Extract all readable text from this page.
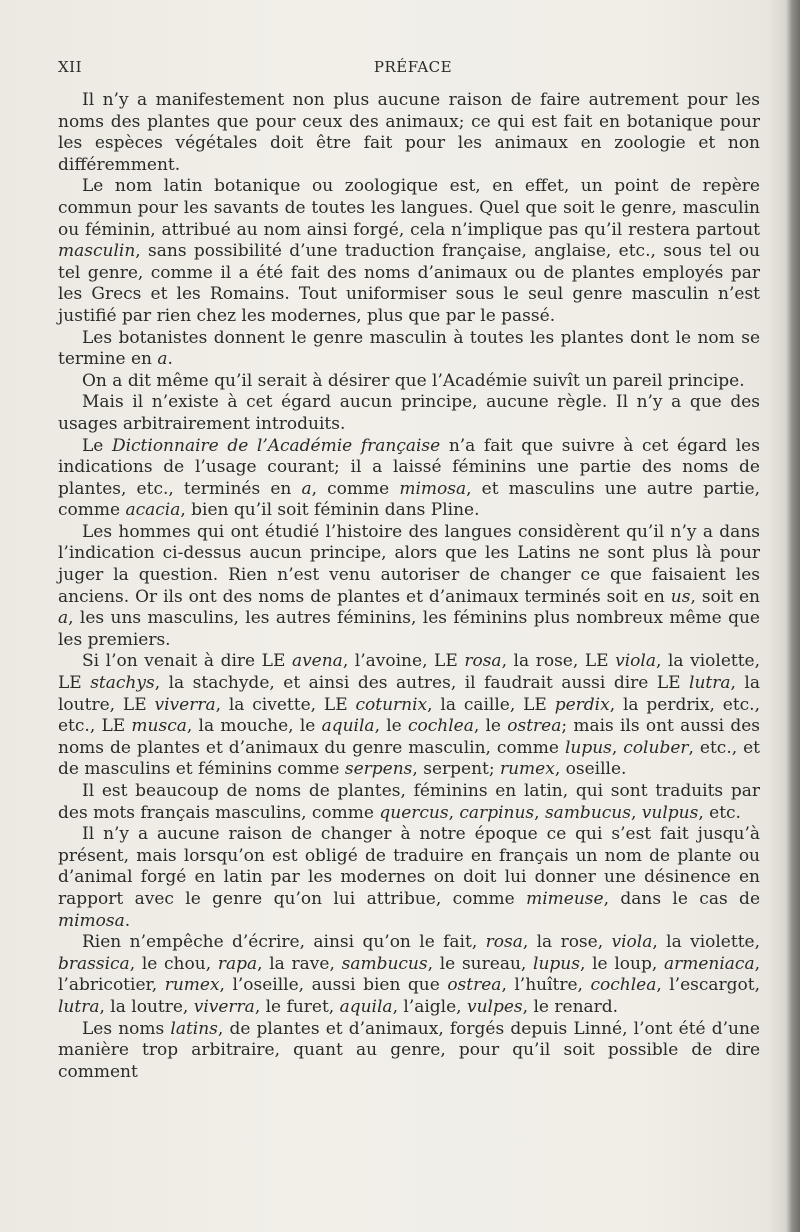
XII	PRÉFACE

Il n’y a manifestement non plus aucune raison de faire autrement pour les noms des plantes que pour ceux des animaux; ce qui est fait en botanique pour les espèces végétales doit être fait pour les animaux en zoologie et non différemment.

Le nom latin botanique ou zoologique est, en effet, un point de repère commun pour les savants de toutes les langues. Quel que soit le genre, masculin ou féminin, attribué au nom ainsi forgé, cela n’implique pas qu’il restera partout masculin, sans possibilité d’une traduction française, anglaise, etc., sous tel ou tel genre, comme il a été fait des noms d’animaux ou de plantes employés par les Grecs et les Romains. Tout uniformiser sous le seul genre masculin n’est justifié par rien chez les modernes, plus que par le passé.

Les botanistes donnent le genre masculin à toutes les plantes dont le nom se termine en a.

On a dit même qu’il serait à désirer que l’Académie suivît un pareil principe.

Mais il n’existe à cet égard aucun principe, aucune règle. Il n’y a que des usages arbitrairement introduits.

Le Dictionnaire de l’Académie française n’a fait que suivre à cet égard les indications de l’usage courant; il a laissé féminins une partie des noms de plantes, etc., terminés en a, comme mimosa, et masculins une autre partie, comme acacia, bien qu’il soit féminin dans Pline.

Les hommes qui ont étudié l’histoire des langues considèrent qu’il n’y a dans l’indication ci-dessus aucun principe, alors que les Latins ne sont plus là pour juger la question. Rien n’est venu autoriser de changer ce que faisaient les anciens. Or ils ont des noms de plantes et d’animaux terminés soit en us, soit en a, les uns masculins, les autres féminins, les féminins plus nombreux même que les premiers.

Si l’on venait à dire LE avena, l’avoine, LE rosa, la rose, LE viola, la violette, LE stachys, la stachyde, et ainsi des autres, il faudrait aussi dire LE lutra, la loutre, LE viverra, la civette, LE coturnix, la caille, LE perdix, la perdrix, etc., etc., LE musca, la mouche, le aquila, le cochlea, le ostrea; mais ils ont aussi des noms de plantes et d’animaux du genre masculin, comme lupus, coluber, etc., et de masculins et féminins comme serpens, serpent; rumex, oseille.

Il est beaucoup de noms de plantes, féminins en latin, qui sont traduits par des mots français masculins, comme quercus, carpinus, sambucus, vulpus, etc.

Il n’y a aucune raison de changer à notre époque ce qui s’est fait jusqu’à présent, mais lorsqu’on est obligé de traduire en français un nom de plante ou d’animal forgé en latin par les modernes on doit lui donner une désinence en rapport avec le genre qu’on lui attribue, comme mimeuse, dans le cas de mimosa.

Rien n’empêche d’écrire, ainsi qu’on le fait, rosa, la rose, viola, la violette, brassica, le chou, rapa, la rave, sambucus, le sureau, lupus, le loup, armeniaca, l’abricotier, rumex, l’oseille, aussi bien que ostrea, l’huître, cochlea, l’escargot, lutra, la loutre, viverra, le furet, aquila, l’aigle, vulpes, le renard.

Les noms latins, de plantes et d’animaux, forgés depuis Linné, l’ont été d’une manière trop arbitraire, quant au genre, pour qu’il soit possible de dire comment
